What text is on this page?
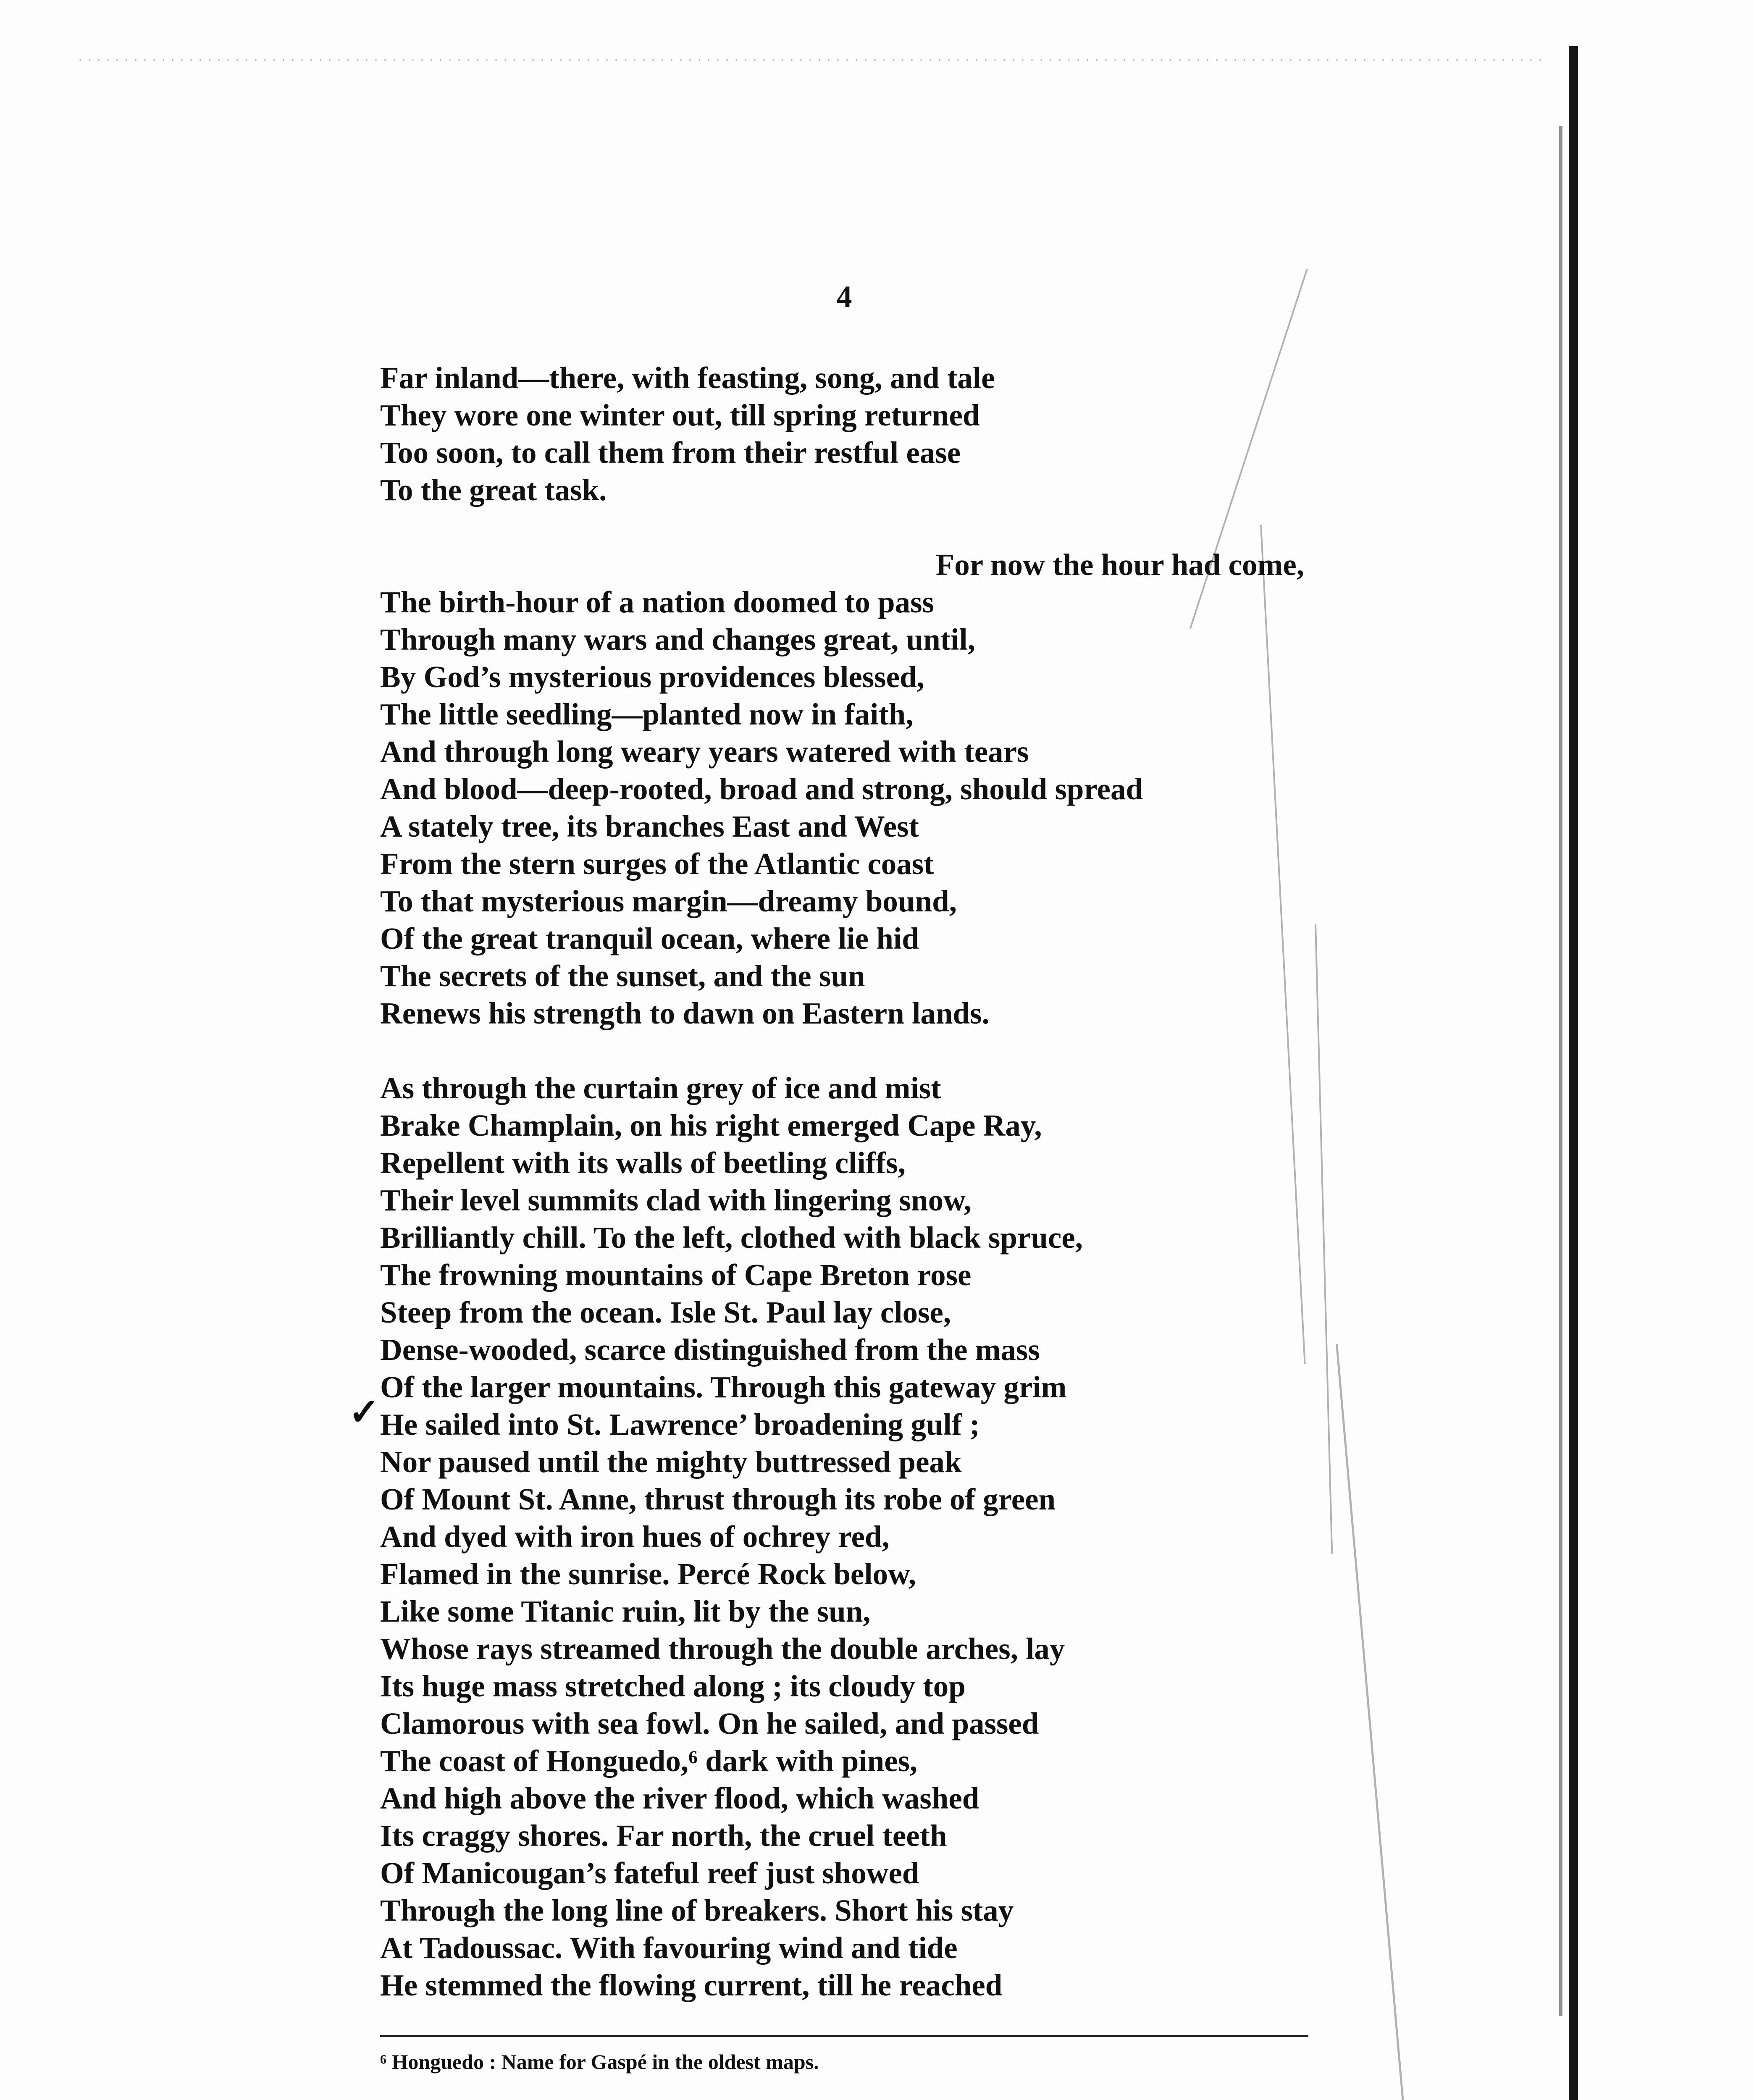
4
Far inland—there, with feasting, song, and tale
They wore one winter out, till spring returned
Too soon, to call them from their restful ease
To the great task.
For now the hour had come,
The birth-hour of a nation doomed to pass
Through many wars and changes great, until,
By God’s mysterious providences blessed,
The little seedling—planted now in faith,
And through long weary years watered with tears
And blood—deep-rooted, broad and strong, should spread
A stately tree, its branches East and West
From the stern surges of the Atlantic coast
To that mysterious margin—dreamy bound,
Of the great tranquil ocean, where lie hid
The secrets of the sunset, and the sun
Renews his strength to dawn on Eastern lands.
As through the curtain grey of ice and mist
Brake Champlain, on his right emerged Cape Ray,
Repellent with its walls of beetling cliffs,
Their level summits clad with lingering snow,
Brilliantly chill. To the left, clothed with black spruce,
The frowning mountains of Cape Breton rose
Steep from the ocean. Isle St. Paul lay close,
Dense-wooded, scarce distinguished from the mass
Of the larger mountains. Through this gateway grim
He sailed into St. Lawrence’ broadening gulf ;
Nor paused until the mighty buttressed peak
Of Mount St. Anne, thrust through its robe of green
And dyed with iron hues of ochrey red,
Flamed in the sunrise. Percé Rock below,
Like some Titanic ruin, lit by the sun,
Whose rays streamed through the double arches, lay
Its huge mass stretched along ; its cloudy top
Clamorous with sea fowl. On he sailed, and passed
The coast of Honguedo,⁶ dark with pines,
And high above the river flood, which washed
Its craggy shores. Far north, the cruel teeth
Of Manicougan’s fateful reef just showed
Through the long line of breakers. Short his stay
At Tadoussac. With favouring wind and tide
He stemmed the flowing current, till he reached
✓
⁶ Honguedo : Name for Gaspé in the oldest maps.
